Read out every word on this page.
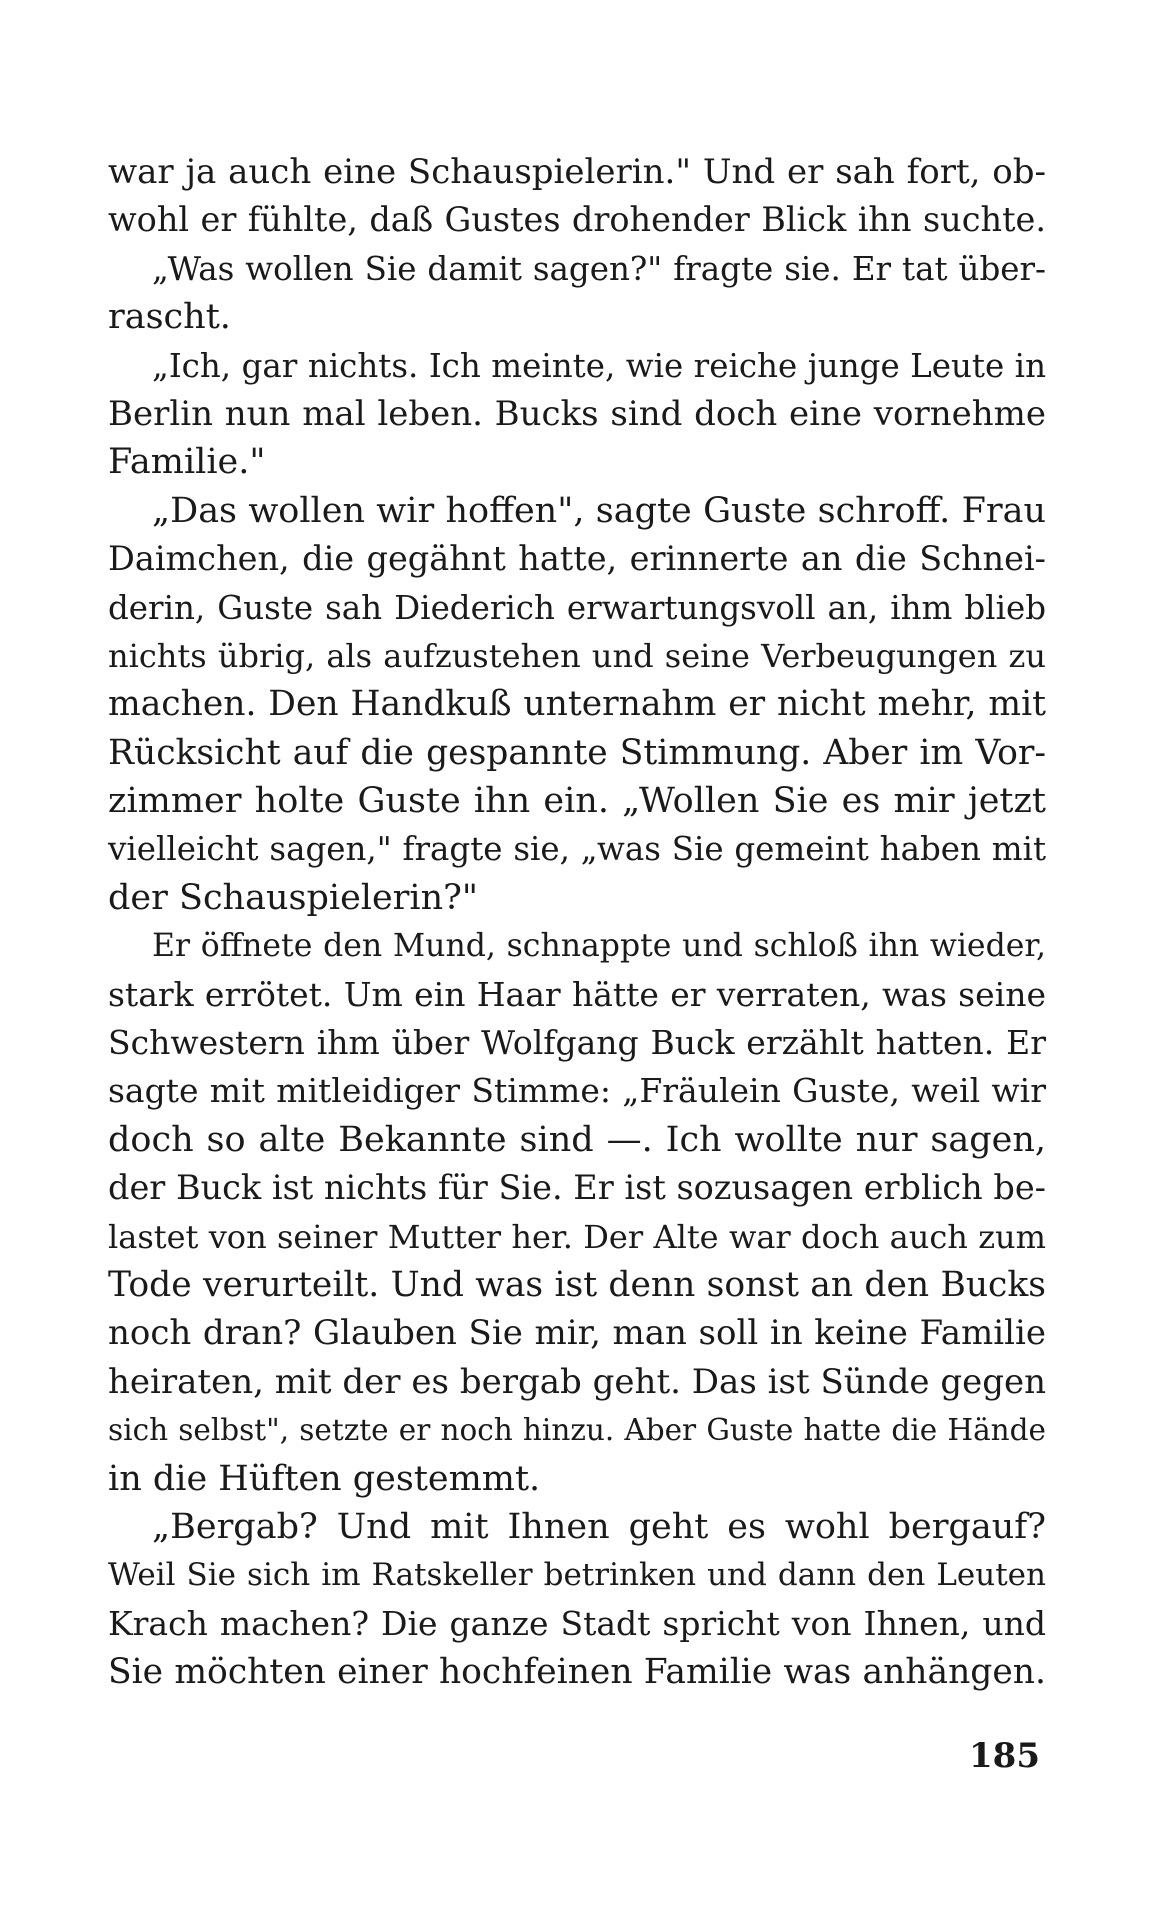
war ja auch eine Schauspielerin." Und er sah fort, ob-
wohl er fühlte, daß Gustes drohender Blick ihn suchte.
„Was wollen Sie damit sagen?" fragte sie. Er tat über-
rascht.
„Ich, gar nichts. Ich meinte, wie reiche junge Leute in
Berlin nun mal leben. Bucks sind doch eine vornehme
Familie."
„Das wollen wir hoffen", sagte Guste schroff. Frau
Daimchen, die gegähnt hatte, erinnerte an die Schnei-
derin, Guste sah Diederich erwartungsvoll an, ihm blieb
nichts übrig, als aufzustehen und seine Verbeugungen zu
machen. Den Handkuß unternahm er nicht mehr, mit
Rücksicht auf die gespannte Stimmung. Aber im Vor-
zimmer holte Guste ihn ein. „Wollen Sie es mir jetzt
vielleicht sagen," fragte sie, „was Sie gemeint haben mit
der Schauspielerin?"
Er öffnete den Mund, schnappte und schloß ihn wieder,
stark errötet. Um ein Haar hätte er verraten, was seine
Schwestern ihm über Wolfgang Buck erzählt hatten. Er
sagte mit mitleidiger Stimme: „Fräulein Guste, weil wir
doch so alte Bekannte sind —. Ich wollte nur sagen,
der Buck ist nichts für Sie. Er ist sozusagen erblich be-
lastet von seiner Mutter her. Der Alte war doch auch zum
Tode verurteilt. Und was ist denn sonst an den Bucks
noch dran? Glauben Sie mir, man soll in keine Familie
heiraten, mit der es bergab geht. Das ist Sünde gegen
sich selbst", setzte er noch hinzu. Aber Guste hatte die Hände
in die Hüften gestemmt.
„Bergab? Und mit Ihnen geht es wohl bergauf?
Weil Sie sich im Ratskeller betrinken und dann den Leuten
Krach machen? Die ganze Stadt spricht von Ihnen, und
Sie möchten einer hochfeinen Familie was anhängen.
185
